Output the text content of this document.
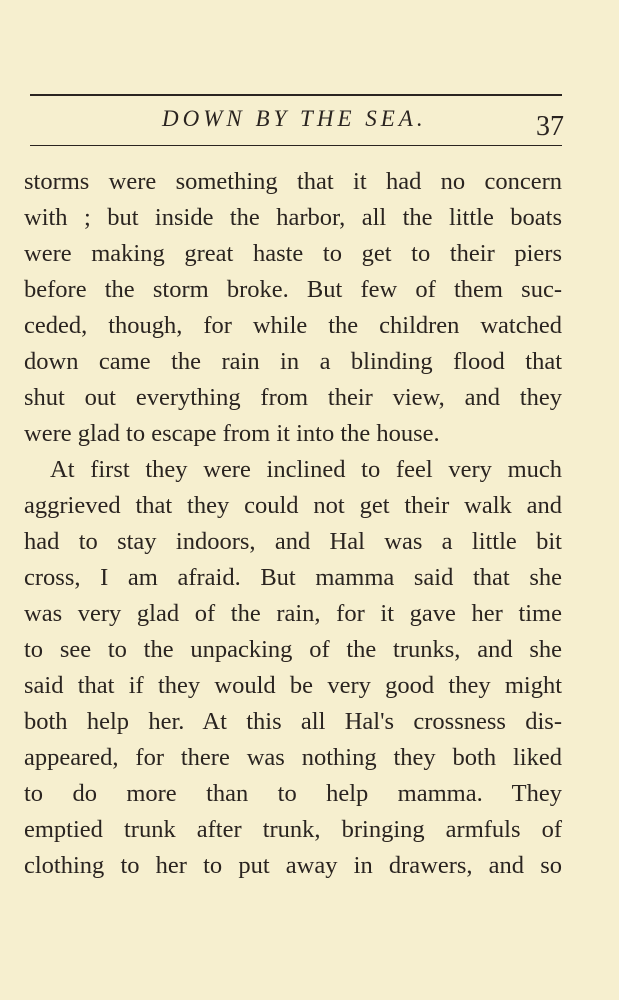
DOWN BY THE SEA.	37
storms were something that it had no concern
with ; but inside the harbor, all the little boats
were making great haste to get to their piers
before the storm broke. But few of them suc-
ceded, though, for while the children watched
down came the rain in a blinding flood that
shut out everything from their view, and they
were glad to escape from it into the house.
At first they were inclined to feel very much
aggrieved that they could not get their walk and
had to stay indoors, and Hal was a little bit
cross, I am afraid. But mamma said that she
was very glad of the rain, for it gave her time
to see to the unpacking of the trunks, and she
said that if they would be very good they might
both help her. At this all Hal's crossness dis-
appeared, for there was nothing they both liked
to do more than to help mamma. They
emptied trunk after trunk, bringing armfuls of
clothing to her to put away in drawers, and so
